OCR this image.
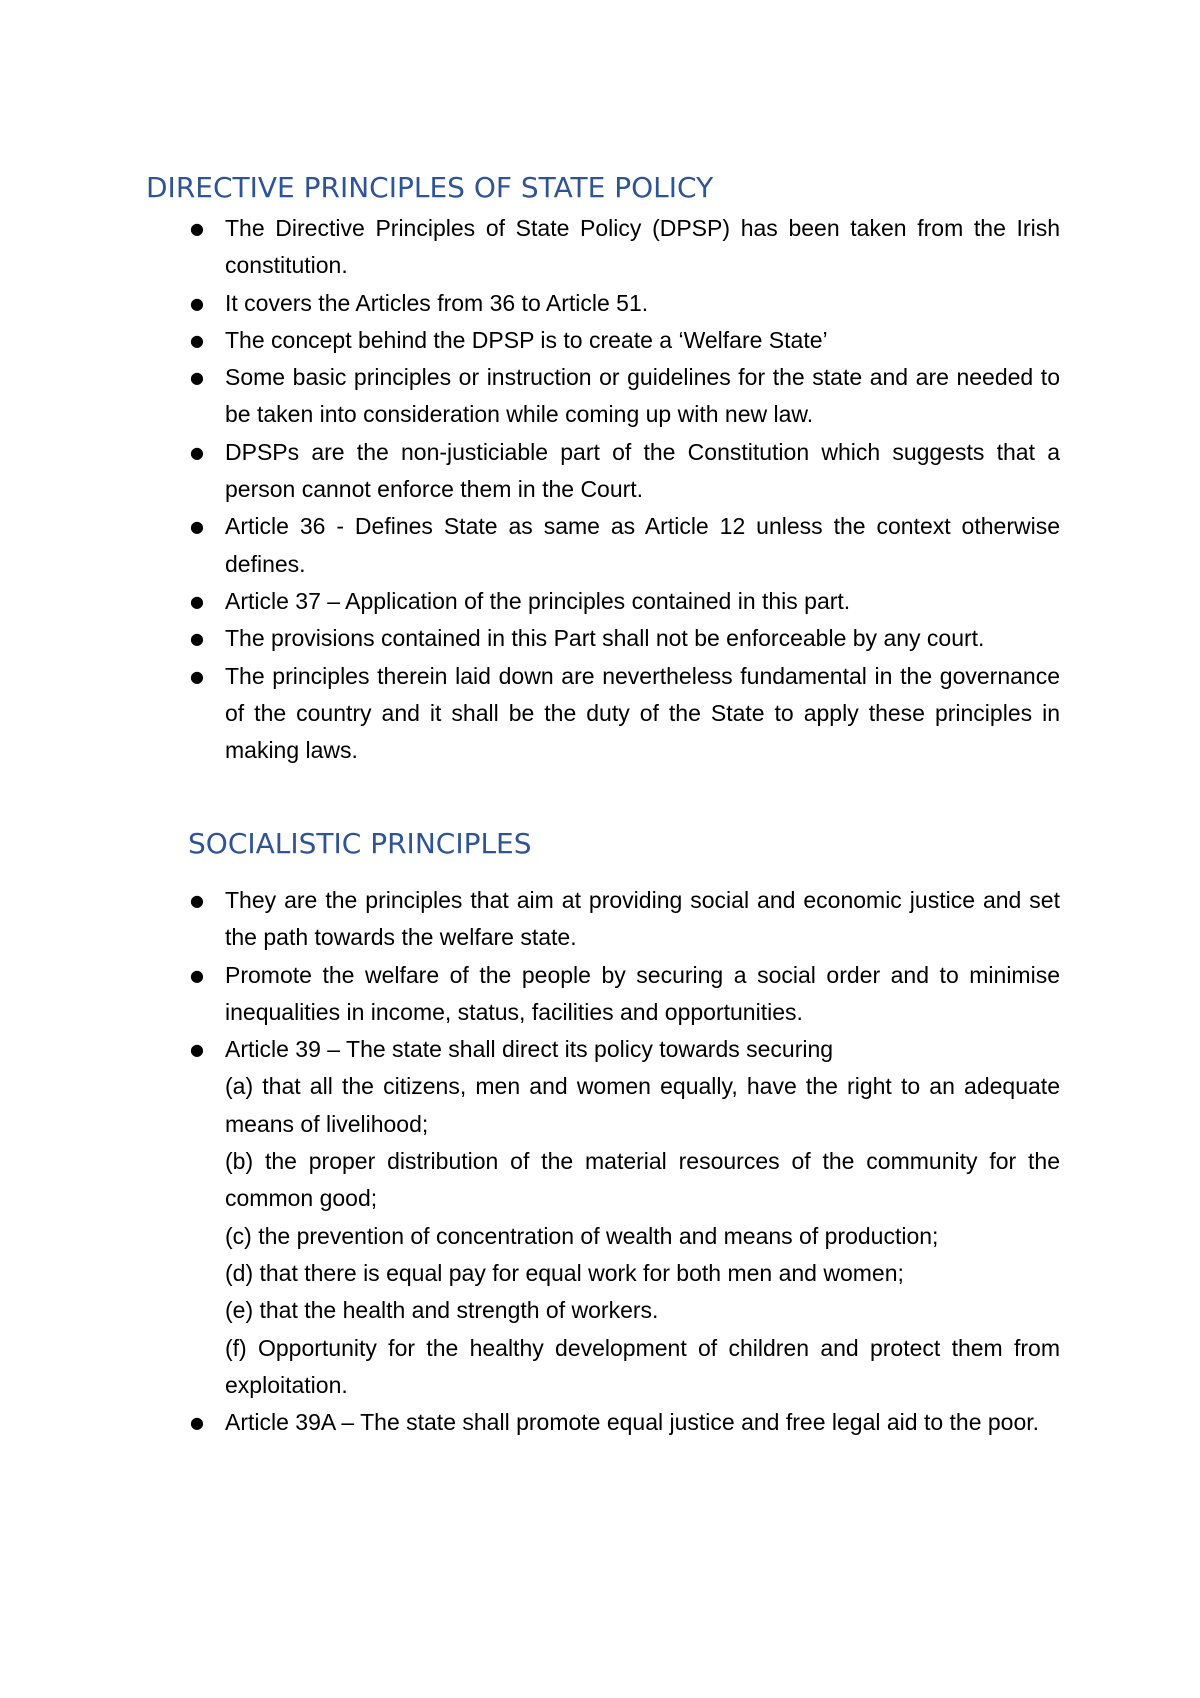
DIRECTIVE PRINCIPLES OF STATE POLICY
● The Directive Principles of State Policy (DPSP) has been taken from the Irish constitution.
● It covers the Articles from 36 to Article 51.
● The concept behind the DPSP is to create a ‘Welfare State’
● Some basic principles or instruction or guidelines for the state and are needed to be taken into consideration while coming up with new law.
● DPSPs are the non-justiciable part of the Constitution which suggests that a person cannot enforce them in the Court.
● Article 36 - Defines State as same as Article 12 unless the context otherwise defines.
● Article 37 – Application of the principles contained in this part.
● The provisions contained in this Part shall not be enforceable by any court.
● The principles therein laid down are nevertheless fundamental in the governance of the country and it shall be the duty of the State to apply these principles in making laws.
SOCIALISTIC PRINCIPLES
● They are the principles that aim at providing social and economic justice and set the path towards the welfare state.
● Promote the welfare of the people by securing a social order and to minimise inequalities in income, status, facilities and opportunities.
● Article 39 – The state shall direct its policy towards securing
(a) that all the citizens, men and women equally, have the right to an adequate means of livelihood;
(b) the proper distribution of the material resources of the community for the common good;
(c) the prevention of concentration of wealth and means of production;
(d) that there is equal pay for equal work for both men and women;
(e) that the health and strength of workers.
(f) Opportunity for the healthy development of children and protect them from exploitation.
● Article 39A – The state shall promote equal justice and free legal aid to the poor.
